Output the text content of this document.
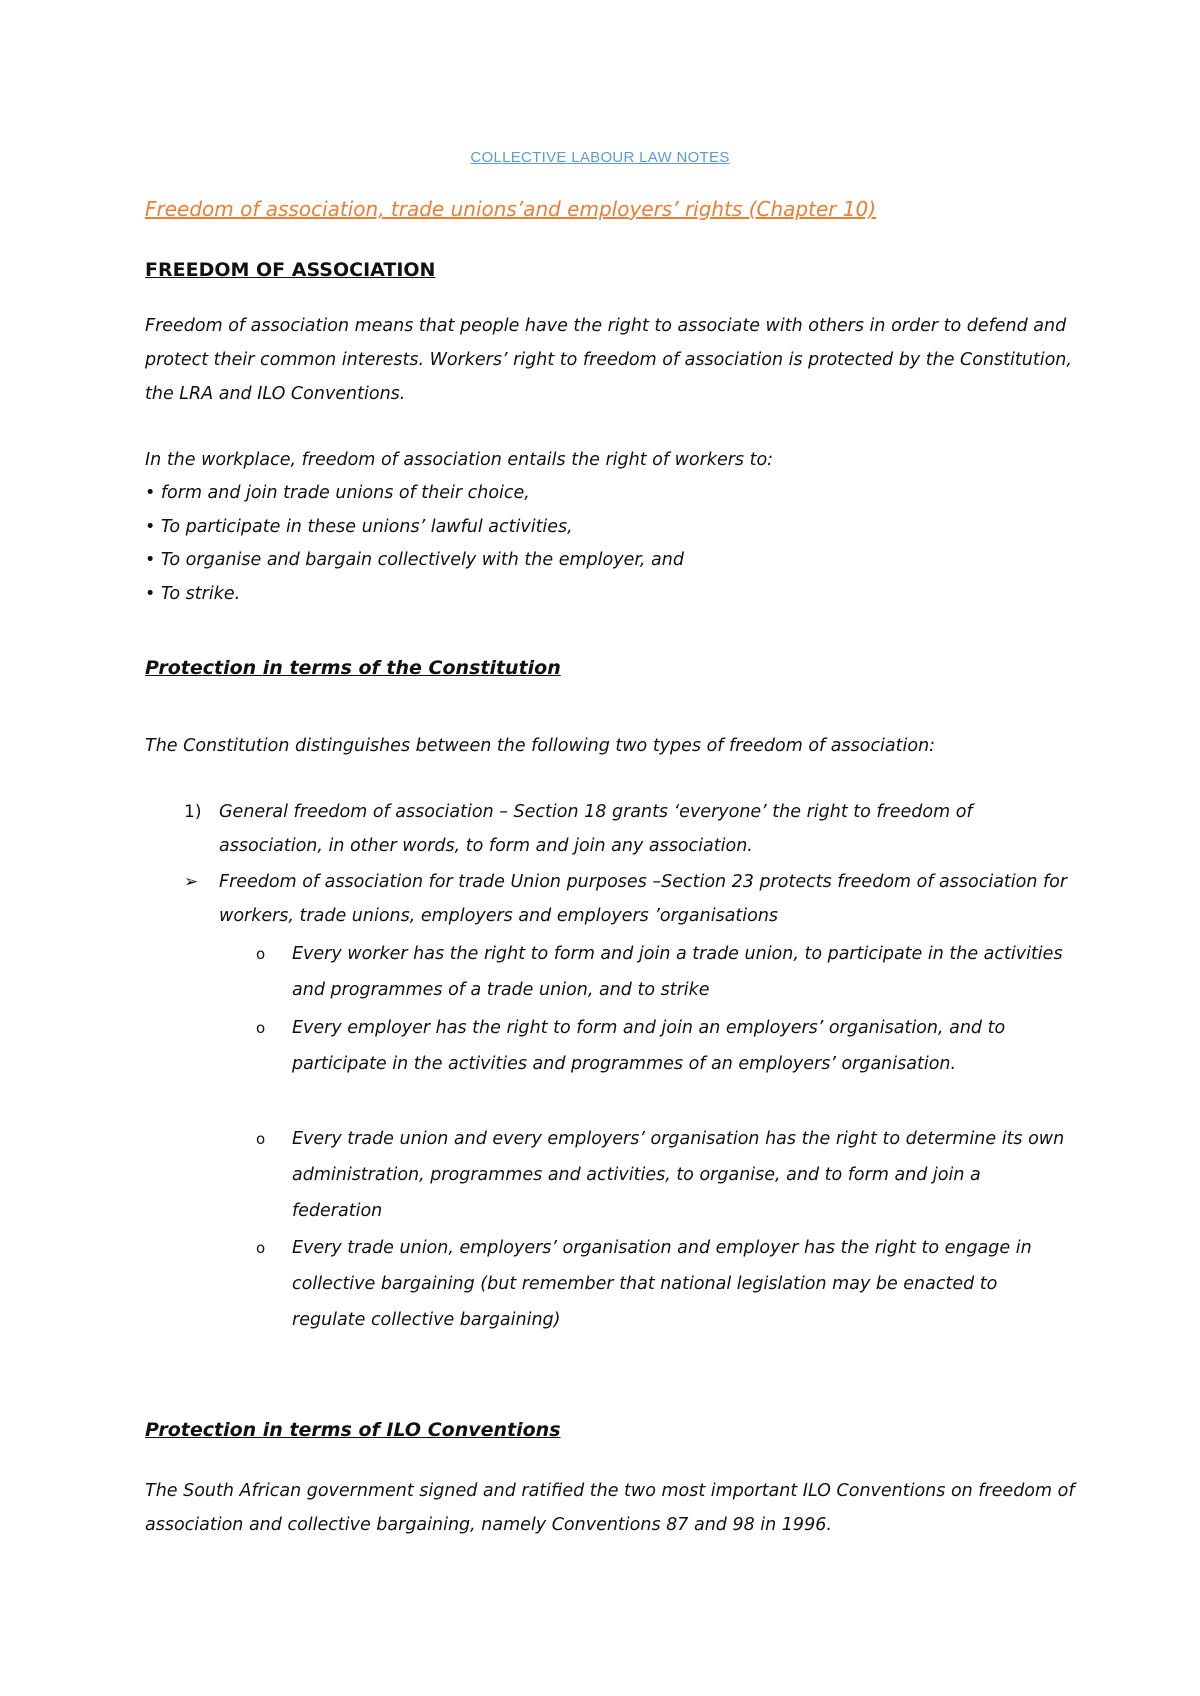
COLLECTIVE LABOUR LAW NOTES
Freedom of association, trade unions’and employers’ rights (Chapter 10)
FREEDOM OF ASSOCIATION
Freedom of association means that people have the right to associate with others in order to defend and protect their common interests. Workers’ right to freedom of association is protected by the Constitution, the LRA and ILO Conventions.
In the workplace, freedom of association entails the right of workers to:
• form and join trade unions of their choice,
• To participate in these unions’ lawful activities,
• To organise and bargain collectively with the employer, and
• To strike.
Protection in terms of the Constitution
The Constitution distinguishes between the following two types of freedom of association:
1) General freedom of association – Section 18 grants ‘everyone’ the right to freedom of association, in other words, to form and join any association.
➢ Freedom of association for trade Union purposes –Section 23 protects freedom of association for workers, trade unions, employers and employers ’organisations
o Every worker has the right to form and join a trade union, to participate in the activities and programmes of a trade union, and to strike
o Every employer has the right to form and join an employers’ organisation, and to participate in the activities and programmes of an employers’ organisation.
o Every trade union and every employers’ organisation has the right to determine its own administration, programmes and activities, to organise, and to form and join a federation
o Every trade union, employers’ organisation and employer has the right to engage in collective bargaining (but remember that national legislation may be enacted to regulate collective bargaining)
Protection in terms of ILO Conventions
The South African government signed and ratified the two most important ILO Conventions on freedom of association and collective bargaining, namely Conventions 87 and 98 in 1996.
